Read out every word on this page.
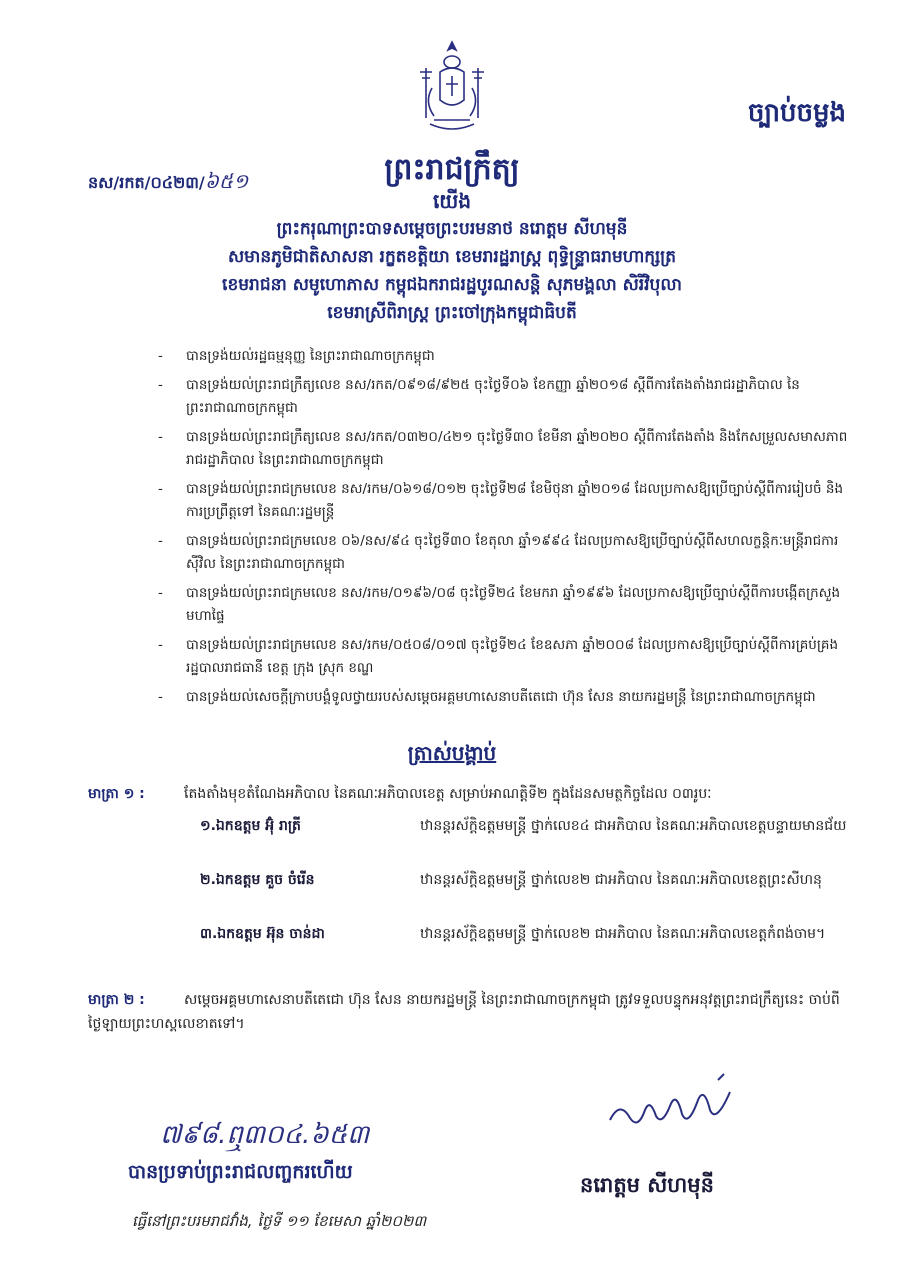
ច្បាប់ចម្លង
នស/រកត/០៤២៣/៦៥១	ព្រះរាជក្រឹត្យ
យើង
ព្រះករុណាព្រះបាទសម្តេចព្រះបរមនាថ នរោត្តម សីហមុនី
សមានភូមិជាតិសាសនា រក្ខតខត្តិយា ខេមរារដ្ឋរាស្ត្រ ពុទ្ធិន្ទ្រាធរាមហាក្សត្រ
ខេមរាជនា សមូហោភាស កម្ពុជឯករាជរដ្ឋបូរណសន្តិ សុភមង្គលា សិរីវិបុលា
ខេមរាស្រីពិរាស្ត្រ ព្រះចៅក្រុងកម្ពុជាធិបតី
- បានទ្រង់យល់រដ្ឋធម្មនុញ្ញ នៃព្រះរាជាណាចក្រកម្ពុជា
- បានទ្រង់យល់ព្រះរាជក្រឹត្យលេខ នស/រកត/០៩១៨/៩២៥ ចុះថ្ងៃទី០៦ ខែកញ្ញា ឆ្នាំ២០១៨ ស្តីពីការតែងតាំងរាជរដ្ឋាភិបាល នៃព្រះរាជាណាចក្រកម្ពុជា
- បានទ្រង់យល់ព្រះរាជក្រឹត្យលេខ នស/រកត/០៣២០/៤២១ ចុះថ្ងៃទី៣០ ខែមីនា ឆ្នាំ២០២០ ស្តីពីការតែងតាំង និងកែសម្រួលសមាសភាពរាជរដ្ឋាភិបាល នៃព្រះរាជាណាចក្រកម្ពុជា
- បានទ្រង់យល់ព្រះរាជក្រមលេខ នស/រកម/០៦១៨/០១២ ចុះថ្ងៃទី២៨ ខែមិថុនា ឆ្នាំ២០១៨ ដែលប្រកាសឱ្យប្រើច្បាប់ស្តីពីការរៀបចំ និងការប្រព្រឹត្តទៅ នៃគណៈរដ្ឋមន្ត្រី
- បានទ្រង់យល់ព្រះរាជក្រមលេខ ០៦/នស/៩៤ ចុះថ្ងៃទី៣០ ខែតុលា ឆ្នាំ១៩៩៤ ដែលប្រកាសឱ្យប្រើច្បាប់ស្តីពីសហលក្ខន្តិកៈមន្ត្រីរាជការស៊ីវិល នៃព្រះរាជាណាចក្រកម្ពុជា
- បានទ្រង់យល់ព្រះរាជក្រមលេខ នស/រកម/០១៩៦/០៨ ចុះថ្ងៃទី២៤ ខែមករា ឆ្នាំ១៩៩៦ ដែលប្រកាសឱ្យប្រើច្បាប់ស្តីពីការបង្កើតក្រសួងមហាផ្ទៃ
- បានទ្រង់យល់ព្រះរាជក្រមលេខ នស/រកម/០៥០៨/០១៧ ចុះថ្ងៃទី២៤ ខែឧសភា ឆ្នាំ២០០៨ ដែលប្រកាសឱ្យប្រើច្បាប់ស្តីពីការគ្រប់គ្រងរដ្ឋបាលរាជធានី ខេត្ត ក្រុង ស្រុក ខណ្ឌ
- បានទ្រង់យល់សេចក្តីក្រាបបង្គំទូលថ្វាយរបស់សម្តេចអគ្គមហាសេនាបតីតេជោ ហ៊ុន សែន នាយករដ្ឋមន្ត្រី នៃព្រះរាជាណាចក្រកម្ពុជា
ត្រាស់បង្គាប់
មាត្រា ១ :	តែងតាំងមុខតំណែងអភិបាល នៃគណៈអភិបាលខេត្ត សម្រាប់អាណត្តិទី២ ក្នុងដែនសមត្ថកិច្ចដែល ០៣រូបៈ
១.ឯកឧត្តម អ៊ុំ រាត្រី	ឋានន្តរស័ក្តិឧត្តមមន្ត្រី ថ្នាក់លេខ៤ ជាអភិបាល នៃគណៈអភិបាលខេត្តបន្ទាយមានជ័យ
២.ឯកឧត្តម គួច ចំរើន	ឋានន្តរស័ក្តិឧត្តមមន្ត្រី ថ្នាក់លេខ២ ជាអភិបាល នៃគណៈអភិបាលខេត្តព្រះសីហនុ
៣.ឯកឧត្តម អ៊ុន ចាន់ដា	ឋានន្តរស័ក្តិឧត្តមមន្ត្រី ថ្នាក់លេខ២ ជាអភិបាល នៃគណៈអភិបាលខេត្តកំពង់ចាម។
មាត្រា ២ :	សម្តេចអគ្គមហាសេនាបតីតេជោ ហ៊ុន សែន នាយករដ្ឋមន្ត្រី នៃព្រះរាជាណាចក្រកម្ពុជា ត្រូវទទួលបន្ទុកអនុវត្តព្រះរាជក្រឹត្យនេះ ចាប់ពីថ្ងៃឡាយព្រះហស្តលេខាតទៅ។
៧៩៨.ឮ៣០៤.៦៥៣
បានប្រទាប់ព្រះរាជលញ្ចករហើយ
ធ្វើនៅព្រះបរមរាជវាំង, ថ្ងៃទី ១១ ខែមេសា ឆ្នាំ២០២៣
នរោត្តម សីហមុនី
